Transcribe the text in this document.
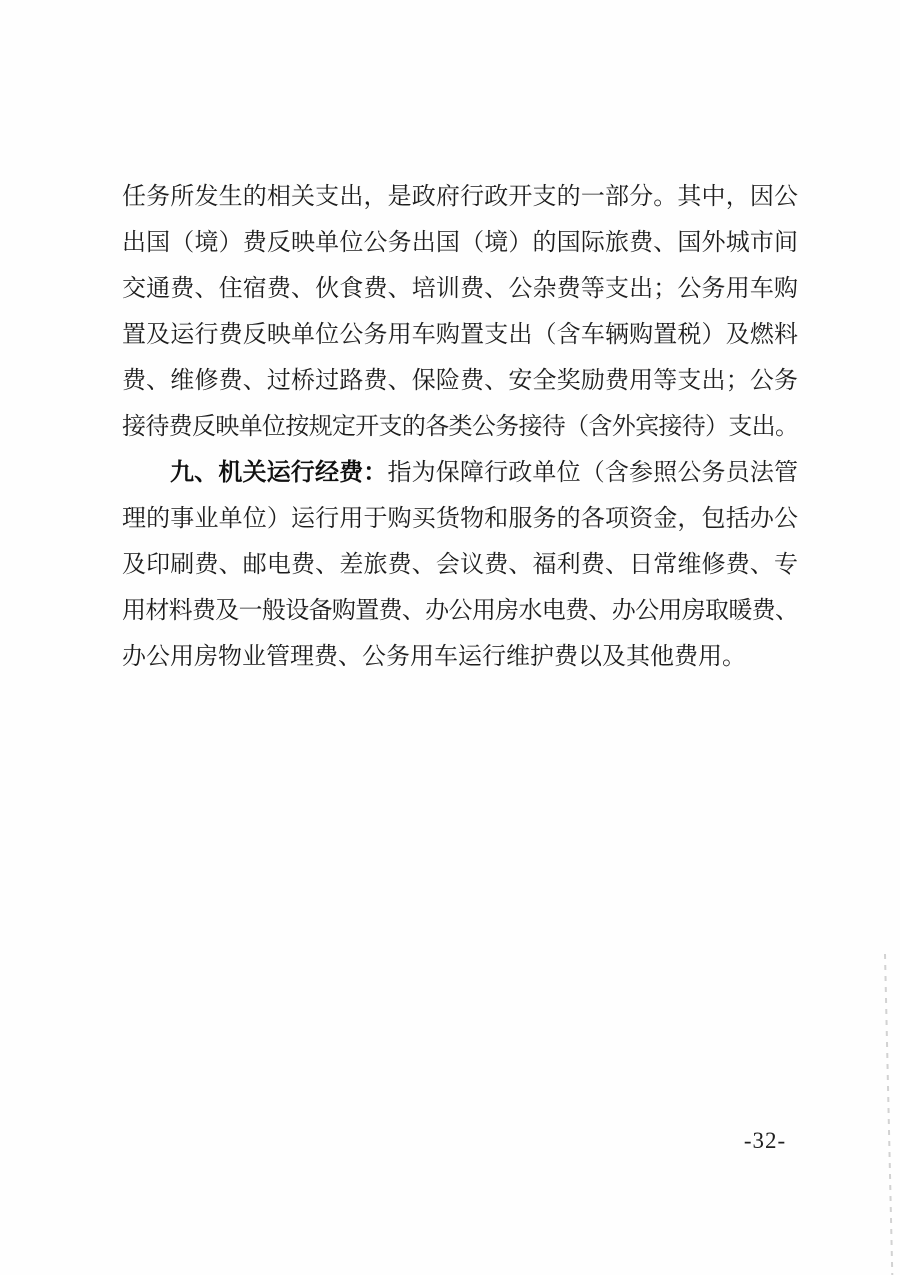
任务所发生的相关支出，是政府行政开支的一部分。其中，因公
出国（境）费反映单位公务出国（境）的国际旅费、国外城市间
交通费、住宿费、伙食费、培训费、公杂费等支出；公务用车购
置及运行费反映单位公务用车购置支出（含车辆购置税）及燃料
费、维修费、过桥过路费、保险费、安全奖励费用等支出；公务
接待费反映单位按规定开支的各类公务接待（含外宾接待）支出。
九、机关运行经费：指为保障行政单位（含参照公务员法管
理的事业单位）运行用于购买货物和服务的各项资金，包括办公
及印刷费、邮电费、差旅费、会议费、福利费、日常维修费、专
用材料费及一般设备购置费、办公用房水电费、办公用房取暖费、
办公用房物业管理费、公务用车运行维护费以及其他费用。
-32-
